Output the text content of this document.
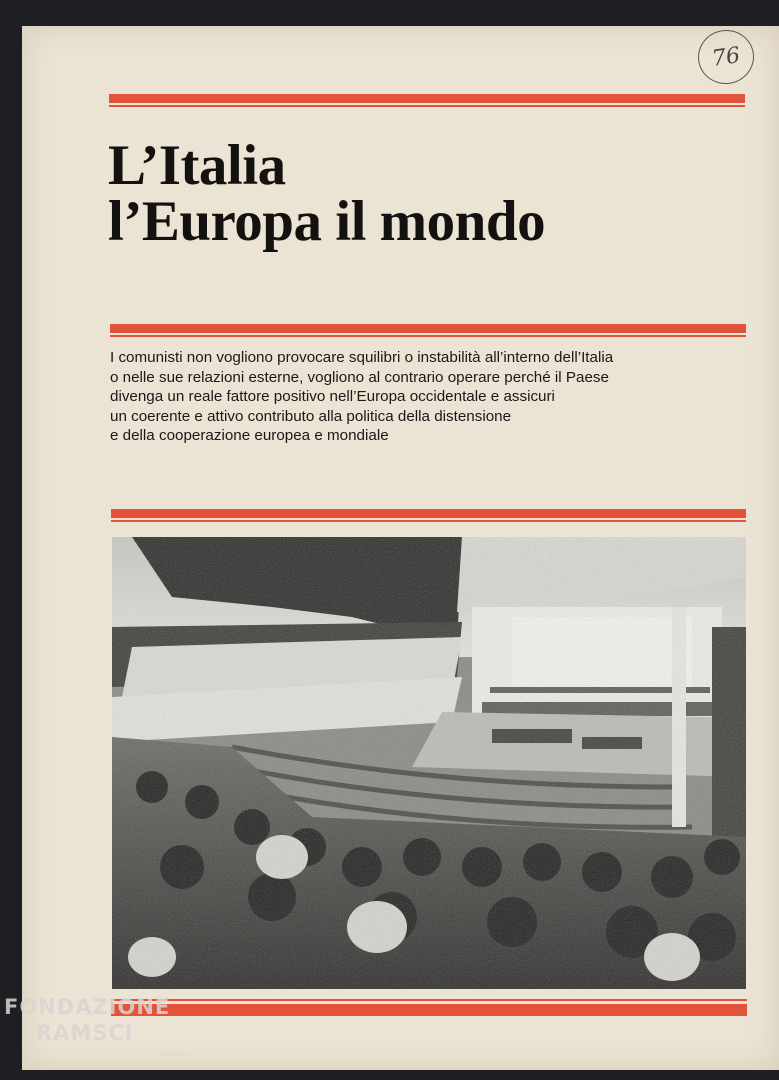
76
L’Italia
l’Europa il mondo

I comunisti non vogliono provocare squilibri o instabilità all’interno dell’Italia
o nelle sue relazioni esterne, vogliono al contrario operare perché il Paese
divenga un reale fattore positivo nell’Europa occidentale e assicuri
un coerente e attivo contributo alla politica della distensione
e della cooperazione europea e mondiale

FONDAZIONE
RAMSCI
onlus
